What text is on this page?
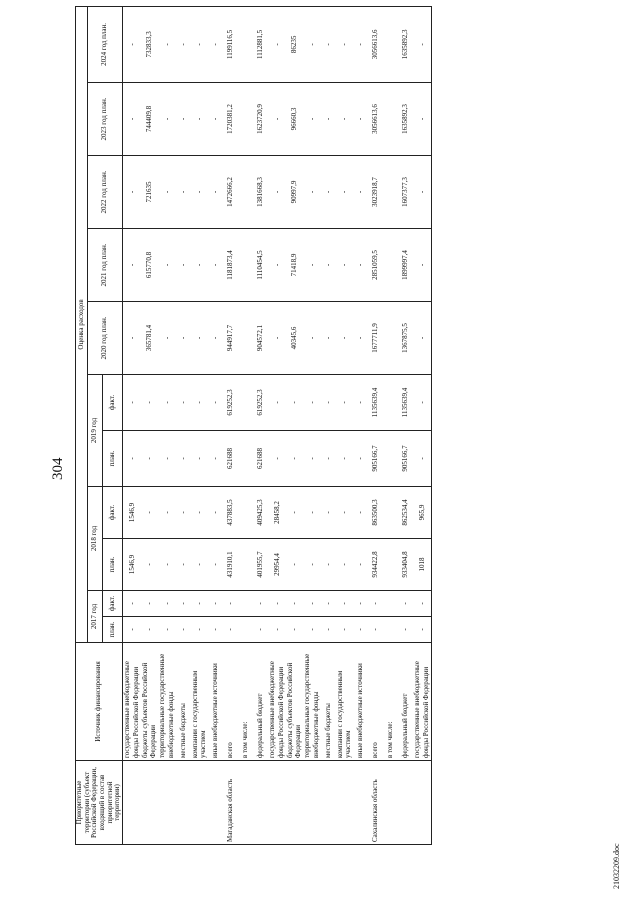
304
Приоритетные территории (субъект Российской Федерации, входящий в состав приоритетной территории)	Источник финансирования	Оценка расходов										
		2017 год		2018 год		2019 год		2020 год план.	2021 год план.	2022 год план.	2023 год план.	2024 год план.
		план.	факт.	план.	факт.	план.	факт.					
	государственные внебюджетные фонды Российской Федерации	-	-	1546,9	1546,9	-	-	-	-	-	-	-
	бюджеты субъектов Российской Федерации	-	-	-	-	-	-	365781,4	615770,8	721635	744409,8	732833,3
	территориальные государственные внебюджетные фонды	-	-	-	-	-	-	-	-	-	-	-
	местные бюджеты	-	-	-	-	-	-	-	-	-	-	-
	компании с государственным участием	-	-	-	-	-	-	-	-	-	-	-
	иные внебюджетные источники	-	-	-	-	-	-	-	-	-	-	-
Магаданская область	всего	-	-	431910,1	437883,5	621688	619252,3	944917,7	1181873,4	1472666,2	1720381,2	1199116,5
	в том числе:											
	федеральный бюджет	-	-	401955,7	409425,3	621688	619252,3	904572,1	1110454,5	1381668,3	1623720,9	1112881,5
	государственные внебюджетные фонды Российской Федерации	-	-	29954,4	28458,2	-	-	-	-	-	-	-
	бюджеты субъектов Российской Федерации	-	-	-	-	-	-	40345,6	71418,9	90997,9	96660,3	86235
	территориальные государственные внебюджетные фонды	-	-	-	-	-	-	-	-	-	-	-
	местные бюджеты	-	-	-	-	-	-	-	-	-	-	-
	компании с государственным участием	-	-	-	-	-	-	-	-	-	-	-
	иные внебюджетные источники	-	-	-	-	-	-	-	-	-	-	-
Сахалинская область	всего	-	-	934422,8	863500,3	905166,7	1135639,4	1677711,9	2851059,5	3023918,7	3056613,6	3056613,6
	в том числе:											
	федеральный бюджет	-	-	933404,8	862534,4	905166,7	1135639,4	1367875,5	1899997,4	1607377,3	1635892,3	1635892,3
	государственные внебюджетные фонды Российской Федерации	-	-	1018	965,9	-	-	-	-	-	-	-
21032209.doc
